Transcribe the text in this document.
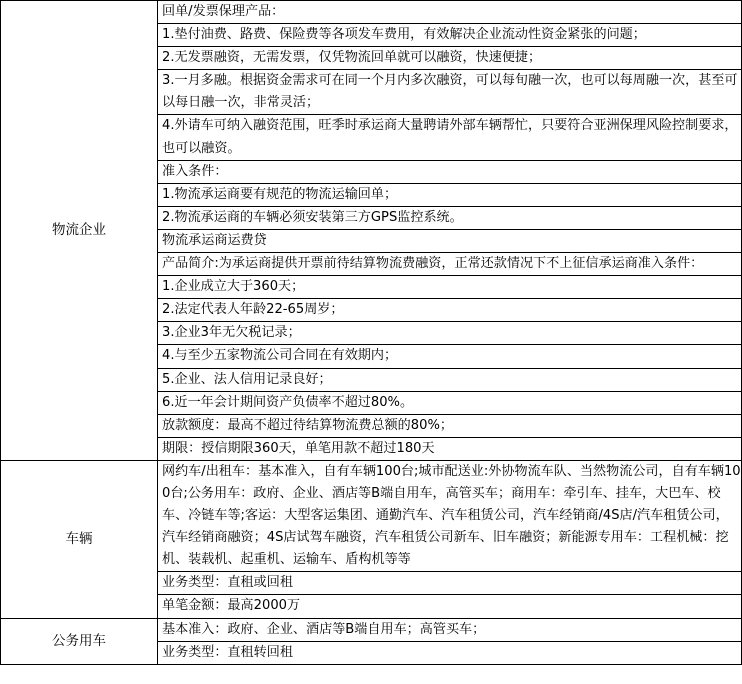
物流企业	回单/发票保理产品：
	1.垫付油费、路费、保险费等各项发车费用，有效解决企业流动性资金紧张的问题；
	2.无发票融资，无需发票，仅凭物流回单就可以融资，快速便捷；
	3.一月多融。根据资金需求可在同一个月内多次融资，可以每旬融一次，也可以每周融一次，甚至可以每日融一次，非常灵活；
	4.外请车可纳入融资范围，旺季时承运商大量聘请外部车辆帮忙，只要符合亚洲保理风险控制要求，也可以融资。
	准入条件：
	1.物流承运商要有规范的物流运输回单；
	2.物流承运商的车辆必须安装第三方GPS监控系统。
	物流承运商运费贷
	产品简介:为承运商提供开票前待结算物流费融资，正常还款情况下不上征信承运商准入条件：
	1.企业成立大于360天；
	2.法定代表人年龄22-65周岁；
	3.企业3年无欠税记录；
	4.与至少五家物流公司合同在有效期内；
	5.企业、法人信用记录良好；
	6.近一年会计期间资产负债率不超过80%。
	放款额度：最高不超过待结算物流费总额的80%；
	期限：授信期限360天，单笔用款不超过180天
车辆	网约车/出租车：基本准入，自有车辆100台;城市配送业:外协物流车队、当然物流公司，自有车辆100台;公务用车：政府、企业、酒店等B端自用车，高管买车；商用车：牵引车、挂车，大巴车、校车、冷链车等;客运：大型客运集团、通勤汽车、汽车租赁公司，汽车经销商/4S店/汽车租赁公司，汽车经销商融资；4S店试驾车融资，汽车租赁公司新车、旧车融资；新能源专用车：工程机械：挖机、装载机、起重机、运输车、盾构机等等
	业务类型：直租或回租
	单笔金额：最高2000万
公务用车	基本准入：政府、企业、酒店等B端自用车；高管买车；
	业务类型：直租转回租
